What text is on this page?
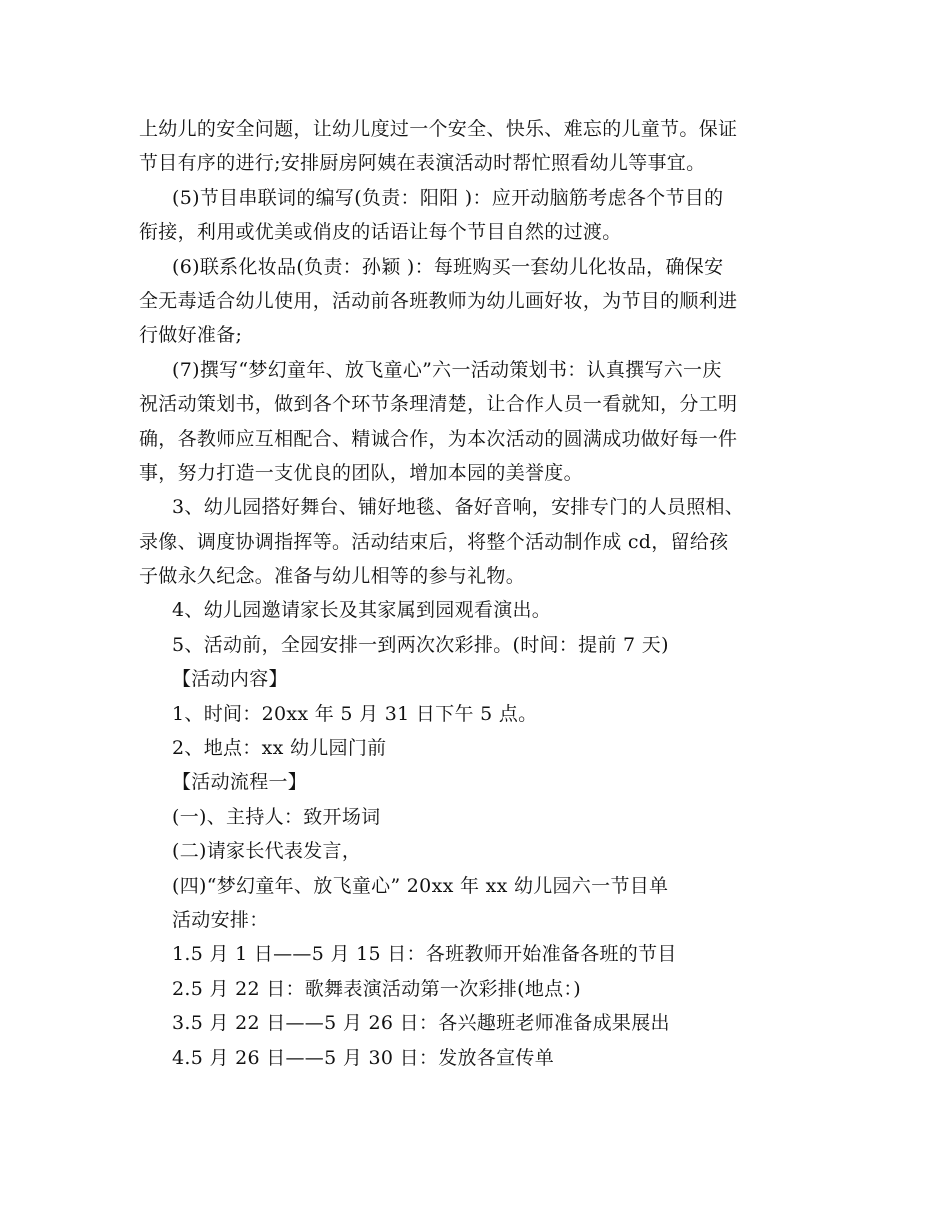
上幼儿的安全问题，让幼儿度过一个安全、快乐、难忘的儿童节。保证
节目有序的进行;安排厨房阿姨在表演活动时帮忙照看幼儿等事宜。
(5)节目串联词的编写(负责：阳阳 )：应开动脑筋考虑各个节目的
衔接，利用或优美或俏皮的话语让每个节目自然的过渡。
(6)联系化妆品(负责：孙颖 )：每班购买一套幼儿化妆品，确保安
全无毒适合幼儿使用，活动前各班教师为幼儿画好妆，为节目的顺利进
行做好准备;
(7)撰写“梦幻童年、放飞童心”六一活动策划书：认真撰写六一庆
祝活动策划书，做到各个环节条理清楚，让合作人员一看就知，分工明
确，各教师应互相配合、精诚合作，为本次活动的圆满成功做好每一件
事，努力打造一支优良的团队，增加本园的美誉度。
3、幼儿园搭好舞台、铺好地毯、备好音响，安排专门的人员照相、
录像、调度协调指挥等。活动结束后，将整个活动制作成 cd，留给孩
子做永久纪念。准备与幼儿相等的参与礼物。
4、幼儿园邀请家长及其家属到园观看演出。
5、活动前，全园安排一到两次次彩排。(时间：提前 7 天)
【活动内容】
1、时间：20xx 年 5 月 31 日下午 5 点。
2、地点：xx 幼儿园门前
【活动流程一】
(一)、主持人：致开场词
(二)请家长代表发言，
(四)“梦幻童年、放飞童心” 20xx 年 xx 幼儿园六一节目单
活动安排：
1.5 月 1 日——5 月 15 日：各班教师开始准备各班的节目
2.5 月 22 日：歌舞表演活动第一次彩排(地点：)
3.5 月 22 日——5 月 26 日：各兴趣班老师准备成果展出
4.5 月 26 日——5 月 30 日：发放各宣传单
